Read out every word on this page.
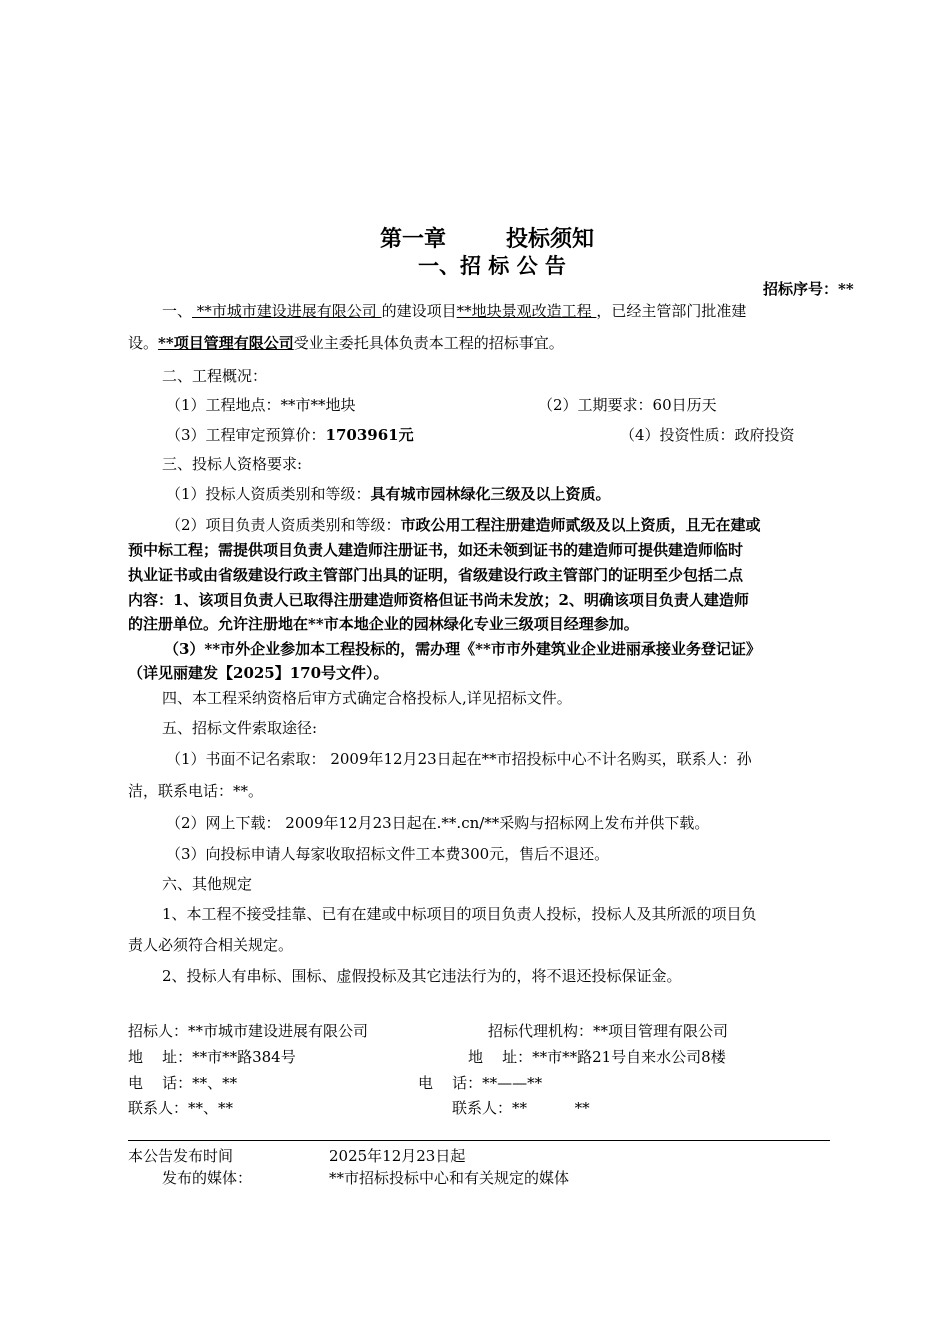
第一章	投标须知
一、招 标 公 告
招标序号：**
一、 **市城市建设进展有限公司 的建设项目**地块景观改造工程 ，已经主管部门批准建
设。**项目管理有限公司受业主委托具体负责本工程的招标事宜。
二、工程概况：
（1）工程地点：**市**地块	（2）工期要求：60日历天
（3）工程审定预算价：1703961元	（4）投资性质：政府投资
三、投标人资格要求:
（1）投标人资质类别和等级：具有城市园林绿化三级及以上资质。
（2）项目负责人资质类别和等级：市政公用工程注册建造师贰级及以上资质，且无在建或
预中标工程；需提供项目负责人建造师注册证书，如还未领到证书的建造师可提供建造师临时
执业证书或由省级建设行政主管部门出具的证明，省级建设行政主管部门的证明至少包括二点
内容：1、该项目负责人已取得注册建造师资格但证书尚未发放；2、明确该项目负责人建造师
的注册单位。允许注册地在**市本地企业的园林绿化专业三级项目经理参加。
（3）**市外企业参加本工程投标的，需办理《**市市外建筑业企业进丽承接业务登记证》
（详见丽建发【2025】170号文件）。
四、本工程采纳资格后审方式确定合格投标人,详见招标文件。
五、招标文件索取途径:
（1）书面不记名索取： 2009年12月23日起在**市招投标中心不计名购买，联系人：孙
洁，联系电话：**。
（2）网上下载： 2009年12月23日起在.**.cn/**采购与招标网上发布并供下载。
（3）向投标申请人每家收取招标文件工本费300元，售后不退还。
六、其他规定
1、本工程不接受挂靠、已有在建或中标项目的项目负责人投标，投标人及其所派的项目负
责人必须符合相关规定。
2、投标人有串标、围标、虚假投标及其它违法行为的，将不退还投标保证金。
招标人：**市城市建设进展有限公司	招标代理机构：**项目管理有限公司
地    址：**市**路384号	地    址：**市**路21号自来水公司8楼
电    话：**、**	电    话：**——**
联系人：**、**	联系人：**          **
本公告发布时间	2025年12月23日起
发布的媒体：	**市招标投标中心和有关规定的媒体
